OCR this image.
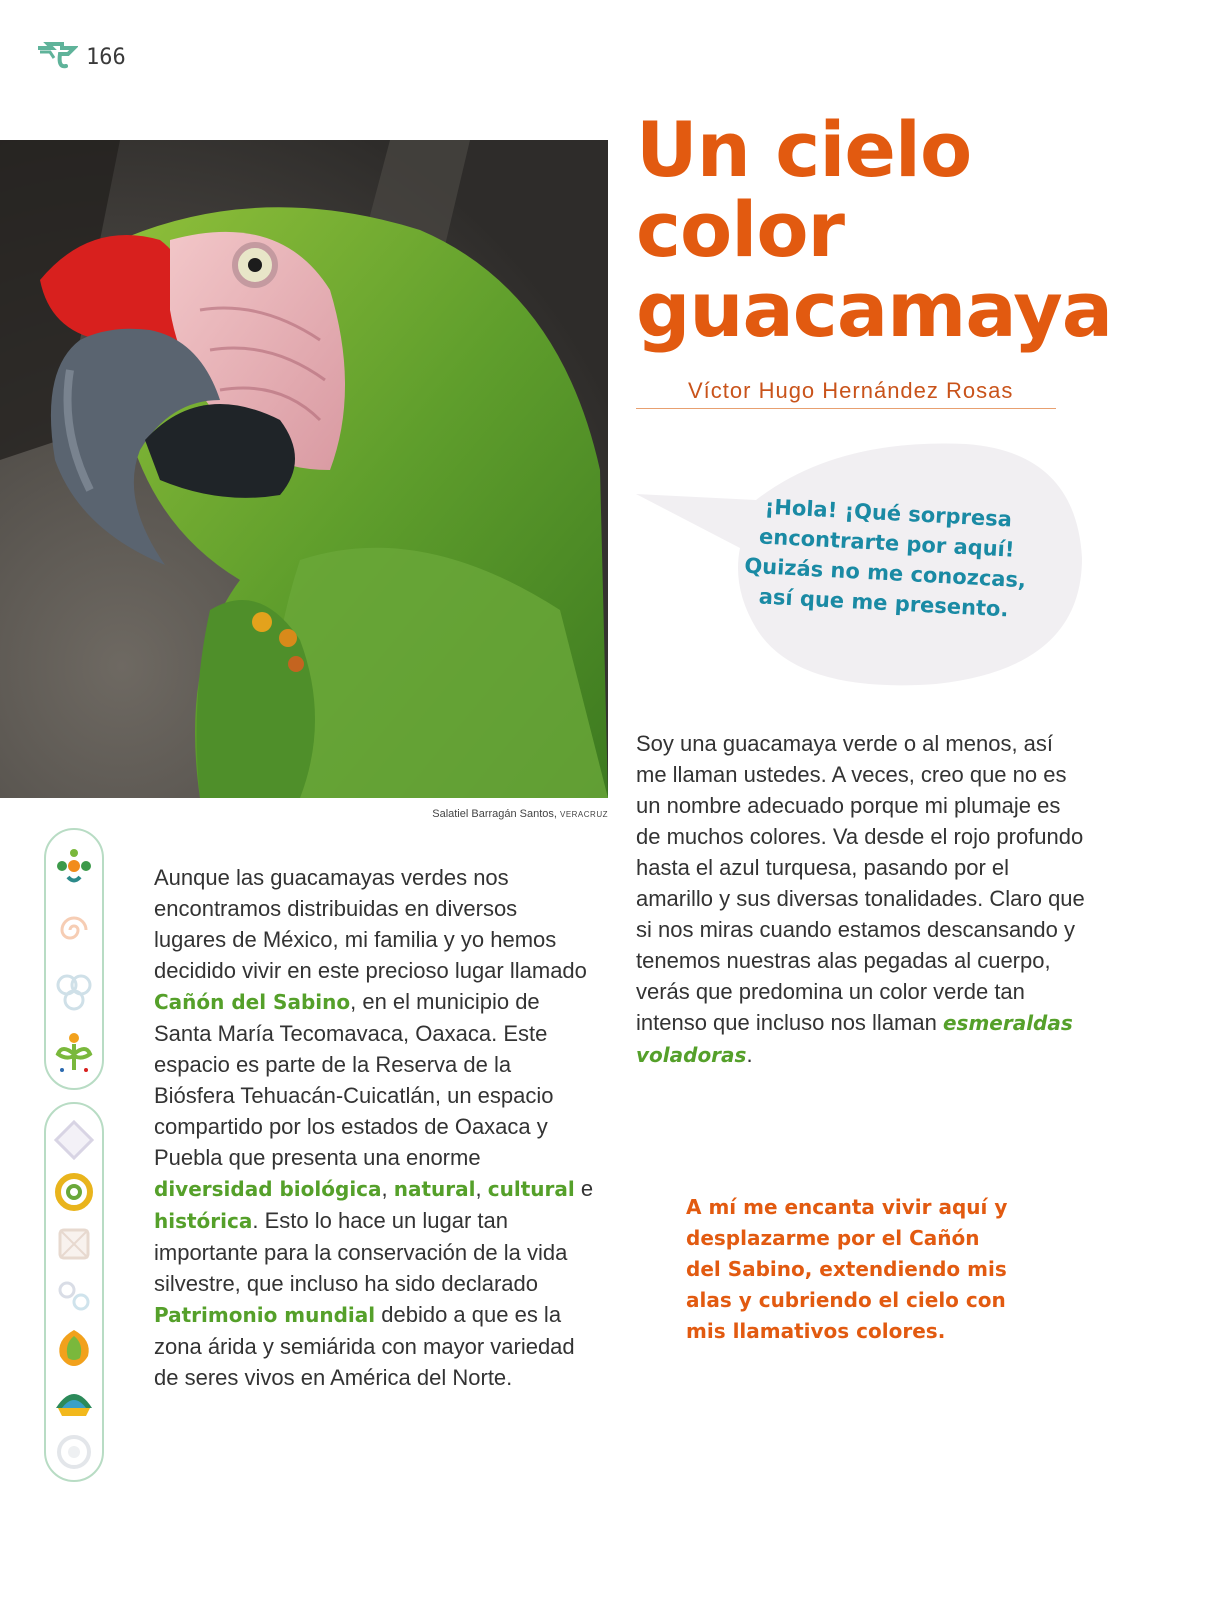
166
Salatiel Barragán Santos, VERACRUZ
Un cielo
color
guacamaya
Víctor Hugo Hernández Rosas
¡Hola! ¡Qué sorpresa
encontrarte por aquí!
Quizás no me conozcas,
así que me presento.

Aunque las guacamayas verdes nos encontramos distribuidas en diversos lugares de México, mi familia y yo hemos decidido vivir en este precioso lugar llamado Cañón del Sabino, en el municipio de Santa María Tecomavaca, Oaxaca. Este espacio es parte de la Reserva de la Biósfera Tehuacán-Cuicatlán, un espacio compartido por los estados de Oaxaca y Puebla que presenta una enorme diversidad biológica, natural, cultural e histórica. Esto lo hace un lugar tan importante para la conservación de la vida silvestre, que incluso ha sido declarado Patrimonio mundial debido a que es la zona árida y semiárida con mayor variedad de seres vivos en América del Norte.

Soy una guacamaya verde o al menos, así me llaman ustedes. A veces, creo que no es un nombre adecuado porque mi plumaje es de muchos colores. Va desde el rojo profundo hasta el azul turquesa, pasando por el amarillo y sus diversas tonalidades. Claro que si nos miras cuando estamos descansando y tenemos nuestras alas pegadas al cuerpo, verás que predomina un color verde tan intenso que incluso nos llaman esmeraldas voladoras.

A mí me encanta vivir aquí y desplazarme por el Cañón del Sabino, extendiendo mis alas y cubriendo el cielo con mis llamativos colores.
